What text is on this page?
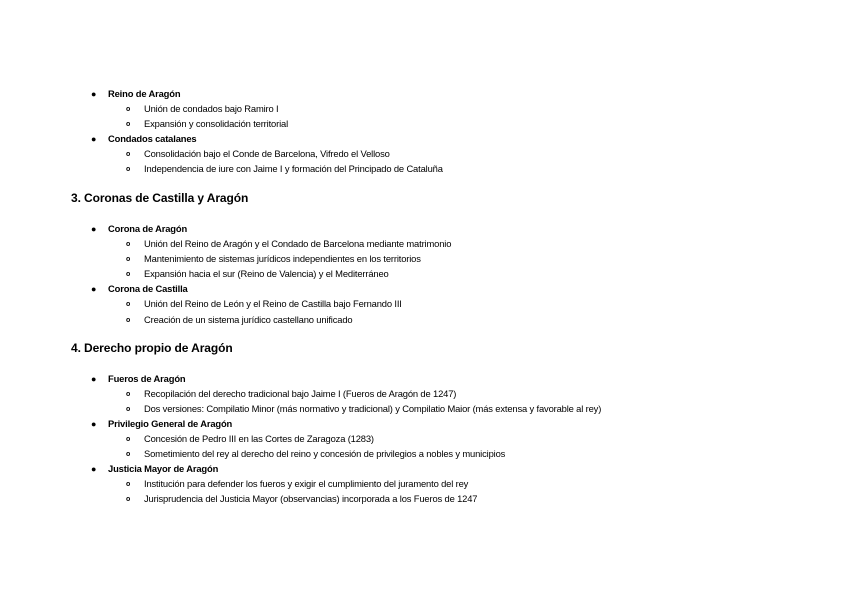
● Reino de Aragón
o Unión de condados bajo Ramiro I
o Expansión y consolidación territorial
● Condados catalanes
o Consolidación bajo el Conde de Barcelona, Vifredo el Velloso
o Independencia de iure con Jaime I y formación del Principado de Cataluña
3. Coronas de Castilla y Aragón
● Corona de Aragón
o Unión del Reino de Aragón y el Condado de Barcelona mediante matrimonio
o Mantenimiento de sistemas jurídicos independientes en los territorios
o Expansión hacia el sur (Reino de Valencia) y el Mediterráneo
● Corona de Castilla
o Unión del Reino de León y el Reino de Castilla bajo Fernando III
o Creación de un sistema jurídico castellano unificado
4. Derecho propio de Aragón
● Fueros de Aragón
o Recopilación del derecho tradicional bajo Jaime I (Fueros de Aragón de 1247)
o Dos versiones: Compilatio Minor (más normativo y tradicional) y Compilatio Maior (más extensa y favorable al rey)
● Privilegio General de Aragón
o Concesión de Pedro III en las Cortes de Zaragoza (1283)
o Sometimiento del rey al derecho del reino y concesión de privilegios a nobles y municipios
● Justicia Mayor de Aragón
o Institución para defender los fueros y exigir el cumplimiento del juramento del rey
o Jurisprudencia del Justicia Mayor (observancias) incorporada a los Fueros de 1247
